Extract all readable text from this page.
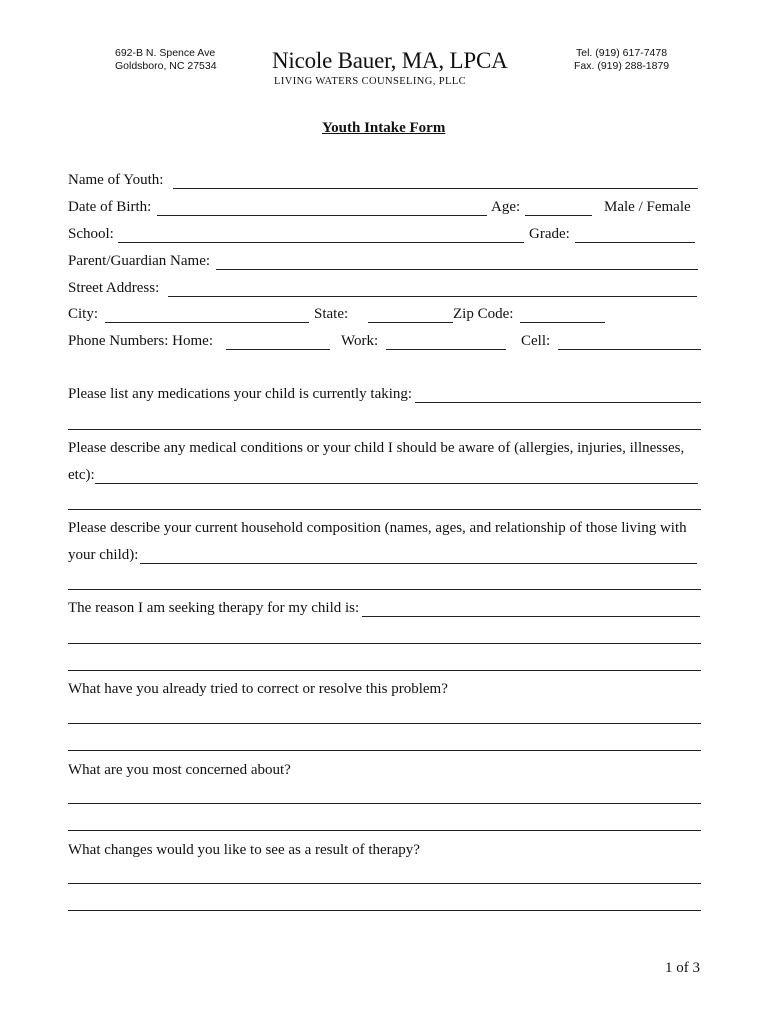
692-B N. Spence Ave
Goldsboro, NC 27534 Nicole Bauer, MA, LPCA
LIVING WATERS COUNSELING, PLLC
Tel. (919) 617-7478
Fax. (919) 288-1879
Youth Intake Form
Name of Youth:
Date of Birth:	Age:	Male / Female
School:	Grade:
Parent/Guardian Name:
Street Address:
City:	State:	Zip Code:
Phone Numbers: Home:	Work:	Cell:
Please list any medications your child is currently taking:
Please describe any medical conditions or your child I should be aware of (allergies, injuries, illnesses,
etc):
Please describe your current household composition (names, ages, and relationship of those living with
your child):
The reason I am seeking therapy for my child is:
What have you already tried to correct or resolve this problem?
What are you most concerned about?
What changes would you like to see as a result of therapy?
1 of 3
